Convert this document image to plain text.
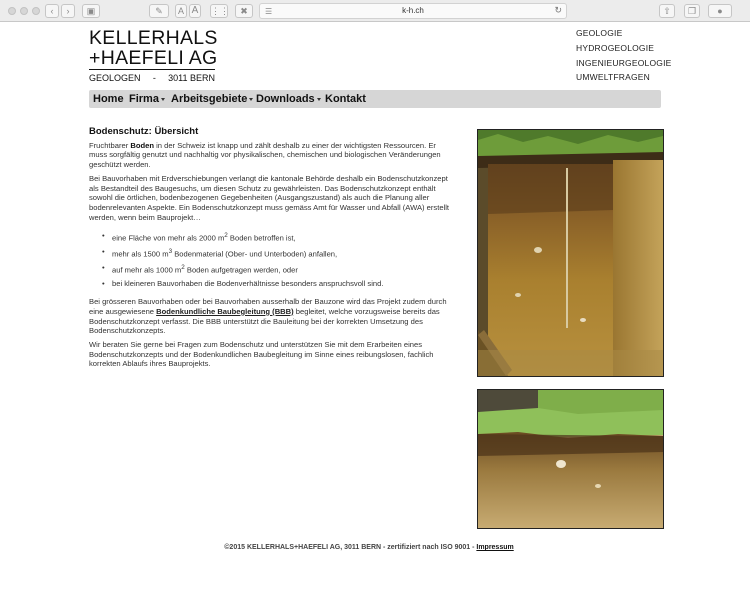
‹	›	▣	✎	A A ⋮⋮	✖	☰	k-h.ch	↻	⇧	❐	●
KELLERHALS
+HAEFELI AG
GEOLOGEN - 3011 BERN
GEOLOGIE
HYDROGEOLOGIE
INGENIEURGEOLOGIE
UMWELTFRAGEN
Home Firma	Arbeitsgebiete Downloads Kontakt
Bodenschutz: Übersicht

Fruchtbarer Boden in der Schweiz ist knapp und zählt deshalb zu einer der wichtigsten Ressourcen. Er muss sorgfältig genutzt und nachhaltig vor physikalischen, chemischen und biologischen Veränderungen geschützt werden.

Bei Bauvorhaben mit Erdverschiebungen verlangt die kantonale Behörde deshalb ein Bodenschutzkonzept als Bestandteil des Baugesuchs, um diesen Schutz zu gewährleisten. Das Bodenschutzkonzept enthält sowohl die örtlichen, bodenbezogenen Gegebenheiten (Ausgangszustand) als auch die Planung aller bodenrelevanten Aspekte. Ein Bodenschutzkonzept muss gemäss Amt für Wasser und Abfall (AWA) erstellt werden, wenn beim Bauprojekt…

• eine Fläche von mehr als 2000 $m^2$ Boden betroffen ist,
• mehr als 1500 $m^3$ Bodenmaterial (Ober- und Unterboden) anfallen,
• auf mehr als 1000 $m^2$ Boden aufgetragen werden, oder
• bei kleineren Bauvorhaben die Bodenverhältnisse besonders anspruchsvoll sind.

Bei grösseren Bauvorhaben oder bei Bauvorhaben ausserhalb der Bauzone wird das Projekt zudem durch eine ausgewiesene Bodenkundliche Baubegleitung (BBB) begleitet, welche vorzugsweise bereits das Bodenschutzkonzept verfasst. Die BBB unterstützt die Bauleitung bei der korrekten Umsetzung des Bodenschutzkonzepts.

Wir beraten Sie gerne bei Fragen zum Bodenschutz und unterstützen Sie mit dem Erarbeiten eines Bodenschutzkonzepts und der Bodenkundlichen Baubegleitung im Sinne eines reibungslosen, fachlich korrekten Ablaufs ihres Bauprojekts.

©2015 KELLERHALS+HAEFELI AG, 3011 BERN - zertifiziert nach ISO 9001 - Impressum
